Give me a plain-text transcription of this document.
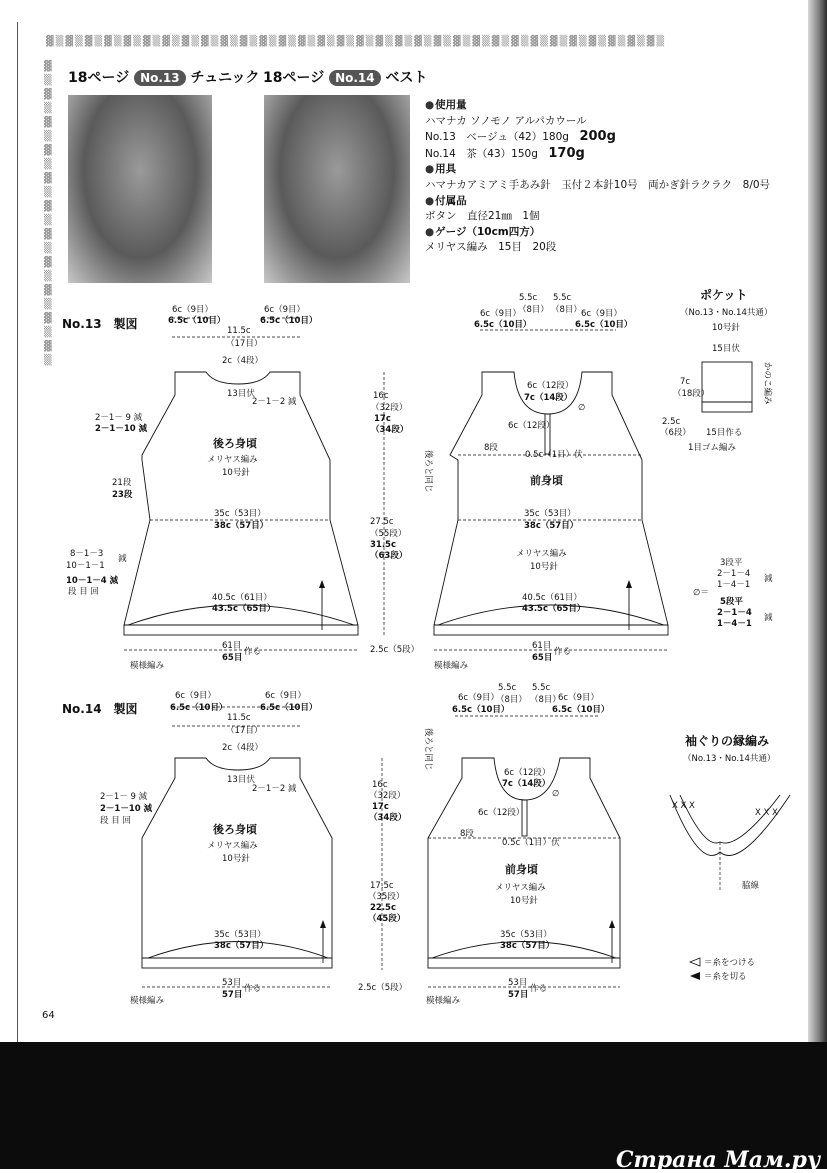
▓▒▓▒▓▒▓▒▓▒▓▒▓▒▓▒▓▒▓▒▓▒▓▒▓▒▓▒▓▒▓▒▓▒▓▒▓▒▓▒▓▒▓▒▓▒▓▒▓▒▓▒▓▒▓▒▓▒▓▒▓▒▓▒
▓▒▓▒▓▒▓▒▓▒▓▒▓▒▓▒▓▒▓▒▓▒
18ページ No.13 チュニック 18ページ No.14 ベスト
● 使用量
ハマナカ ソノモノ アルパカウール
No.13　 ベージュ（42）180g　 200g
No.14　 茶（43）150g　 170g
● 用具
ハマナカアミアミ手あみ針　玉付２本針10号　両かぎ針ラクラク　8/0号
● 付属品
ボタン　直径21㎜　1個
● ゲージ（10cm四方）
メリヤス編み　15目　20段
No.13　製図
6c（9目）
6.5c（10目）
6c（9目）
6.5c（10目）
11.5c
（17目）
2c（4段）
13目伏
2－1－2 減
2－1－ 9 減
2－1－10 減
21段
23段
後ろ身頃
メリヤス編み
10号針
35c（53目）
38c（57目）
8－1－3
10－1－1
減
10－1－4 減
段 目 回
40.5c（61目）
43.5c（65目）
61目
65目
作る
模様編み
16c
（32段）
17c
（34段）
27.5c
（55段）
31.5c
（63段）
2.5c（5段）
6c（9目）
6.5c（10目）
5.5c
（8目）
5.5c
（8目） 6c（9目）
6.5c（10目）
6c（12段）
7c（14段）
∅
6c（12段）
8段
0.5c（1目）伏
後ろと同じ	前身頃
35c（53目）
38c（57目）
メリヤス編み
10号針
40.5c（61目）
43.5c（65目）
61目
65目
作る
模様編み
ポケット
（No.13・No.14共通）
10号針
15目伏
7c
（18段）
2.5c
（6段） 15目作る
1目ゴム編み
かのこ編み
3段平
2－1－4
1－4－1
減
∅＝
5段平
2－1－4
1－4－1
減
No.14　製図
6c（9目）
6.5c（10目）
6c（9目）
6.5c（10目）
11.5c
（17目）
2c（4段）
13目伏
2－1－2 減
2－1－ 9 減
2－1－10 減
段 目 回
後ろ身頃
メリヤス編み
10号針
35c（53目）
38c（57目）
53目
57目
作る
模様編み
16c
（32段）
17c
（34段）
17.5c
（35段）
22.5c
（45段）
2.5c（5段）
6c（9目）
6.5c（10目）
5.5c
（8目）
5.5c
（8目）
6c（9目）
6.5c（10目）
6c（12段）
7c（14段）
∅
6c（12段）
8段
0.5c（1目）伏
後ろと同じ
前身頃
メリヤス編み
10号針
35c（53目）
38c（57目）
53目
57目
作る
模様編み
袖ぐりの縁編み
（No.13・No.14共通）
X X X
X X X
脇線
＝糸をつける
＝糸を切る
64
Страна Мам.ру
